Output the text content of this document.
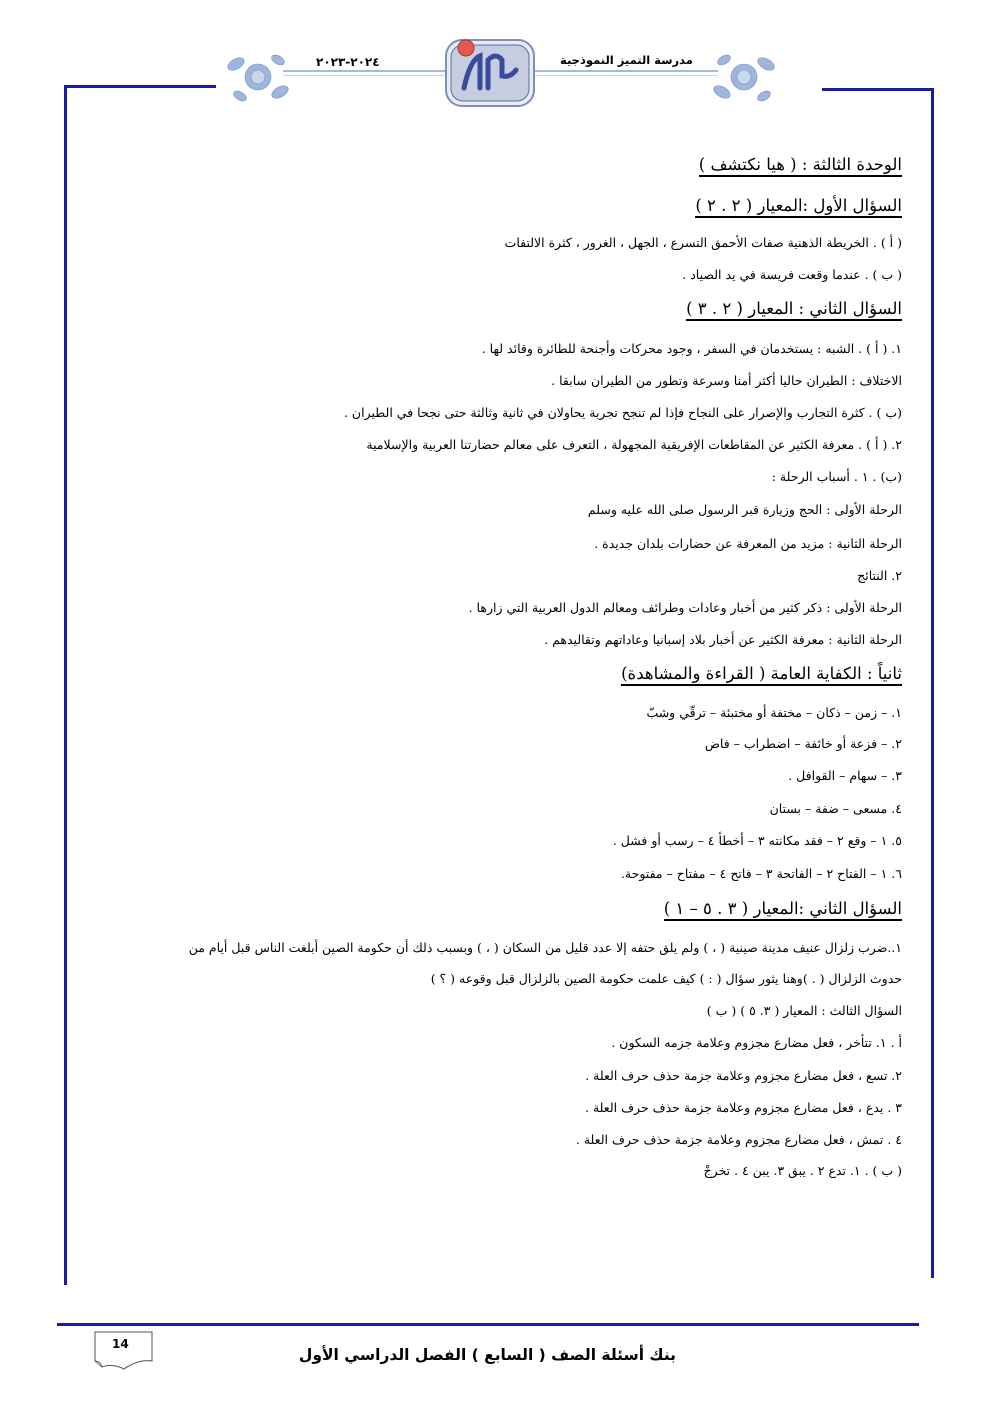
٢٠٢٤-٢٠٢٣	مدرسة التميز النموذجية
الوحدة الثالثة : ( هيا نكتشف )
السؤال الأول :المعيار ( ٢ . ٢ )
( أ ) . الخريطة الذهنية صفات الأحمق التسرع ، الجهل ، الغرور ، كثرة الالتفات
( ب ) . عندما وقعت فريسة في يد الصياد .
السؤال الثاني : المعيار ( ٢ . ٣ )
١. ( أ ) . الشبه : يستخدمان في السفر ، وجود محركات وأجنحة للطائرة وقائد لها .
الاختلاف : الطيران حاليا أكثر أمنا وسرعة وتطور من الطيران سابقا .
(ب ) . كثرة التجارب والإصرار على النجاح فإذا لم تنجح تجربة يحاولان في ثانية وثالثة حتى نجحا في الطيران .
٢. ( أ ) . معرفة الكثير عن المقاطعات الإفريقية المجهولة ، التعرف على معالم حضارتنا العربية والإسلامية
(ب) . ١ . أسباب الرحلة :
الرحلة الأولى : الحج وزيارة قبر الرسول صلى الله عليه وسلم
الرحلة الثانية : مزيد من المعرفة عن حضارات بلدان جديدة .
٢. النتائج
الرحلة الأولى : ذكر كثير من أخبار وعادات وطرائف ومعالم الدول العربية التي زارها .
الرحلة الثانية : معرفة الكثير عن أخبار بلاد إسبانيا وعاداتهم وتقاليدهم .
ثانياً : الكفاية العامة ( القراءة والمشاهدة)
١. – زمن – ذكان – مختفة أو مختبئة – ترقّي وشبّ
٢. – فزعة أو خائفة – اضطراب – فاض
٣. – سهام – القوافل .
٤. مسعى – ضفة – بستان
٥. ١ – وقع ٢ – فقد مكانته ٣ – أخطأ ٤ – رسب أو فشل .
٦. ١ – الفتاح ٢ – الفاتحة ٣ – فاتح ٤ – مفتاح – مفتوحة.
السؤال الثاني :المعيار ( ٣ . ٥ – ١ )
١..ضرب زلزال عنيف مدينة صينية ( ، ) ولم يلق حتفه إلا عدد قليل من السكان ( ، ) وبسبب ذلك أن حكومة الصين أبلغت الناس قبل أيام من
حدوث الزلزال ( . )وهنا يثور سؤال ( : ) كيف علمت حكومة الصين بالزلزال قبل وقوعه ( ؟ )
السؤال الثالث : المعيار ( ٣. ٥ ) ( ب )
أ . ١. تتأخر ، فعل مضارع مجزوم وعلامة جزمه السكون .
٢. تسع ، فعل مضارع مجزوم وعلامة جزمة حذف حرف العلة .
٣ . يدع ، فعل مضارع مجزوم وعلامة جزمة حذف حرف العلة .
٤ . تمش ، فعل مضارع مجزوم وعلامة جزمة حذف حرف العلة .
( ب ) . ١. تدع ٢ . يبق ٣. يبن ٤ . تخرجْ
14
بنك أسئلة الصف ( السابع ) الفصل الدراسي الأول
